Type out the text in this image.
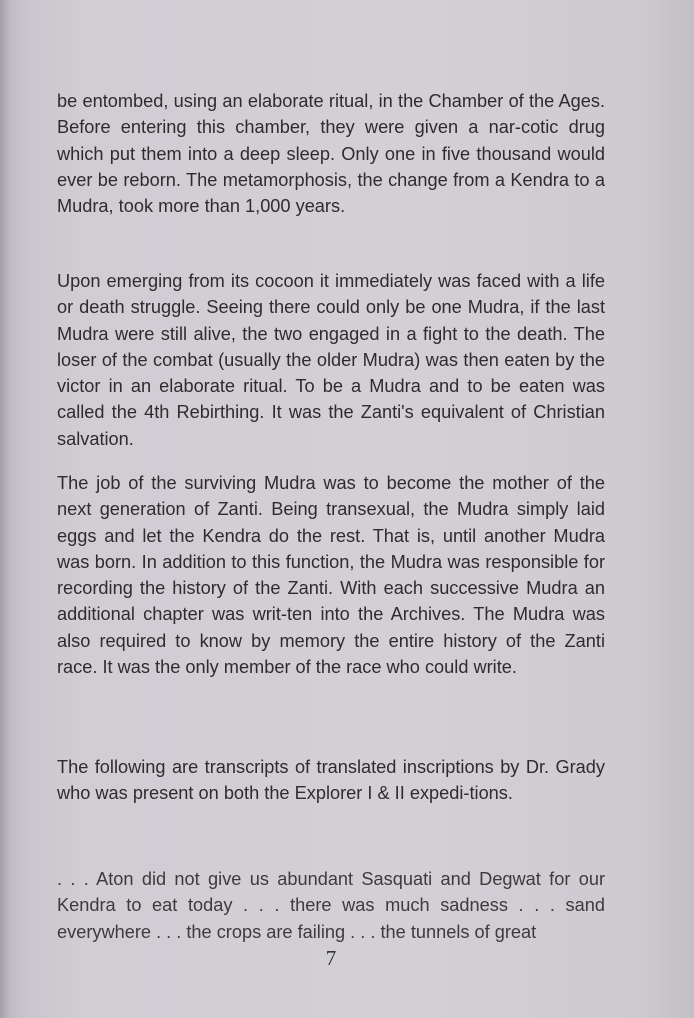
be entombed, using an elaborate ritual, in the Chamber of the Ages. Before entering this chamber, they were given a nar-cotic drug which put them into a deep sleep. Only one in five thousand would ever be reborn. The metamorphosis, the change from a Kendra to a Mudra, took more than 1,000 years.

Upon emerging from its cocoon it immediately was faced with a life or death struggle. Seeing there could only be one Mudra, if the last Mudra were still alive, the two engaged in a fight to the death. The loser of the combat (usually the older Mudra) was then eaten by the victor in an elaborate ritual. To be a Mudra and to be eaten was called the 4th Rebirthing. It was the Zanti's equivalent of Christian salvation.

The job of the surviving Mudra was to become the mother of the next generation of Zanti. Being transexual, the Mudra simply laid eggs and let the Kendra do the rest. That is, until another Mudra was born. In addition to this function, the Mudra was responsible for recording the history of the Zanti. With each successive Mudra an additional chapter was writ-ten into the Archives. The Mudra was also required to know by memory the entire history of the Zanti race. It was the only member of the race who could write.

The following are transcripts of translated inscriptions by Dr. Grady who was present on both the Explorer I & II expedi-tions.

. . . Aton did not give us abundant Sasquati and Degwat for our Kendra to eat today . . . there was much sadness . . . sand everywhere . . . the crops are failing . . . the tunnels of great

7
